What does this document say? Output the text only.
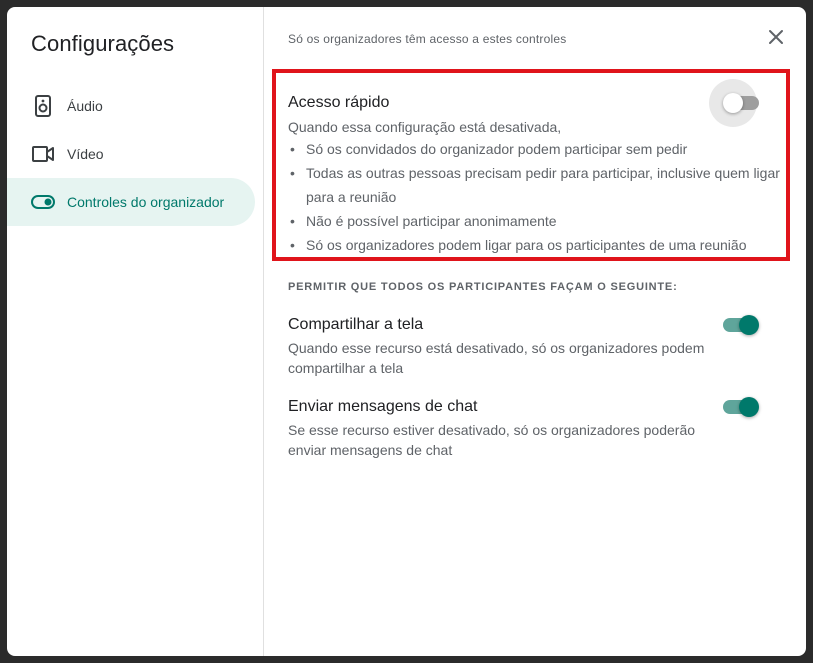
Configurações
Áudio
Vídeo
Controles do organizador
Só os organizadores têm acesso a estes controles
Acesso rápido
Quando essa configuração está desativada,
• Só os convidados do organizador podem participar sem pedir
• Todas as outras pessoas precisam pedir para participar, inclusive quem ligar para a reunião
• Não é possível participar anonimamente
• Só os organizadores podem ligar para os participantes de uma reunião
PERMITIR QUE TODOS OS PARTICIPANTES FAÇAM O SEGUINTE:
Compartilhar a tela
Quando esse recurso está desativado, só os organizadores podem compartilhar a tela
Enviar mensagens de chat
Se esse recurso estiver desativado, só os organizadores poderão enviar mensagens de chat
